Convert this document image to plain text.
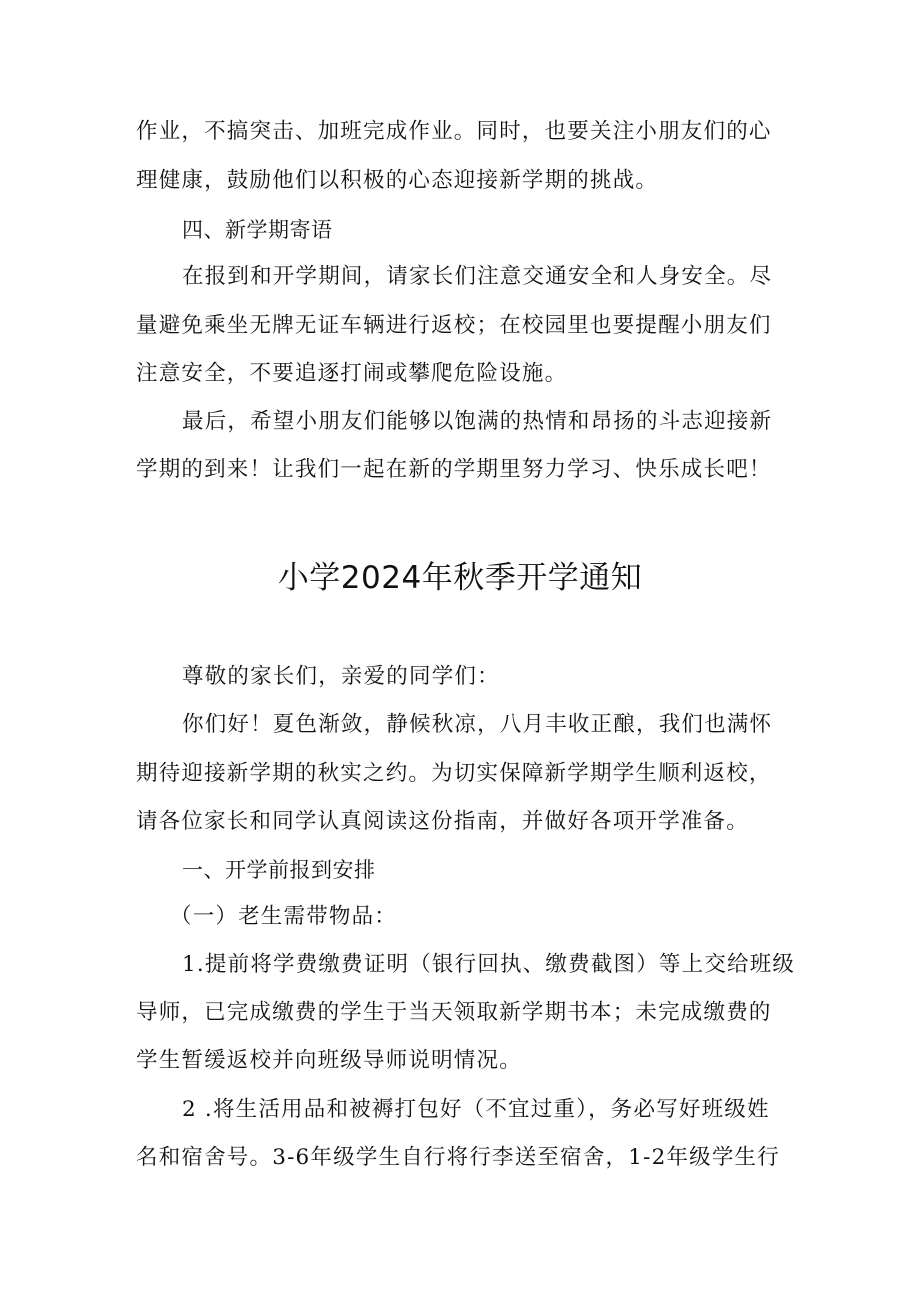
作业，不搞突击、加班完成作业。同时，也要关注小朋友们的心

理健康，鼓励他们以积极的心态迎接新学期的挑战。

四、新学期寄语

在报到和开学期间，请家长们注意交通安全和人身安全。尽

量避免乘坐无牌无证车辆进行返校；在校园里也要提醒小朋友们

注意安全，不要追逐打闹或攀爬危险设施。

最后，希望小朋友们能够以饱满的热情和昂扬的斗志迎接新

学期的到来！让我们一起在新的学期里努力学习、快乐成长吧！

小学2024年秋季开学通知

尊敬的家长们，亲爱的同学们：

你们好！夏色渐敛，静候秋凉，八月丰收正酿，我们也满怀

期待迎接新学期的秋实之约。为切实保障新学期学生顺利返校，

请各位家长和同学认真阅读这份指南，并做好各项开学准备。

一、开学前报到安排

（一）老生需带物品：

1.提前将学费缴费证明（银行回执、缴费截图）等上交给班级

导师，已完成缴费的学生于当天领取新学期书本；未完成缴费的

学生暂缓返校并向班级导师说明情况。

2 .将生活用品和被褥打包好（不宜过重），务必写好班级姓

名和宿舍号。3-6年级学生自行将行李送至宿舍，1-2年级学生行
